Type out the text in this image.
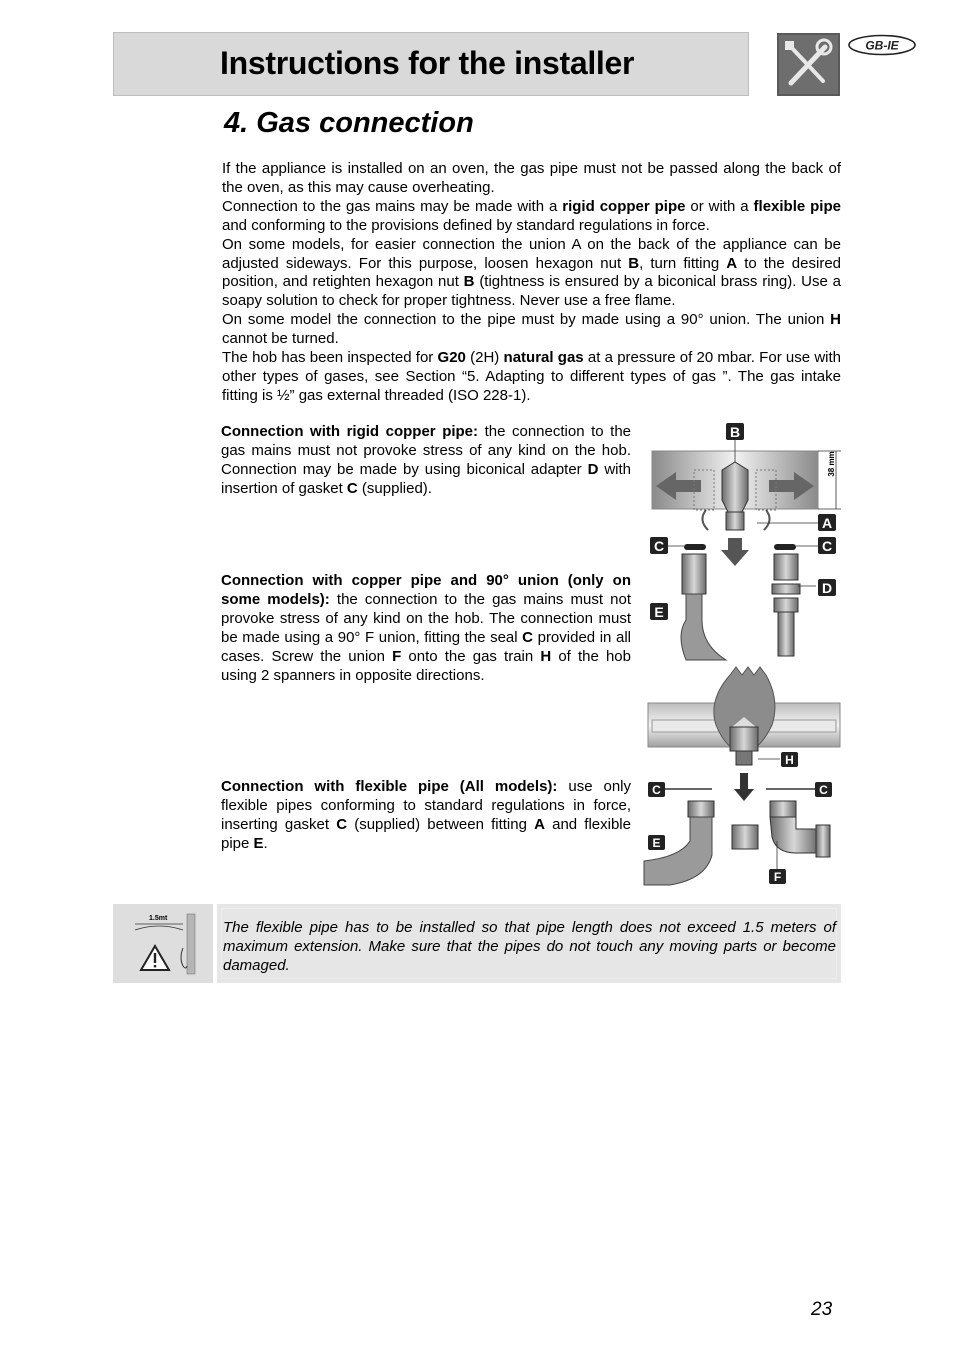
Instructions for the installer	GB-IE
4. Gas connection

If the appliance is installed on an oven, the gas pipe must not be passed along the back of the oven, as this may cause overheating.

Connection to the gas mains may be made with a rigid copper pipe or with a flexible pipe and conforming to the provisions defined by standard regulations in force.

On some models, for easier connection the union A on the back of the appliance can be adjusted sideways. For this purpose, loosen hexagon nut B, turn fitting A to the desired position, and retighten hexagon nut B (tightness is ensured by a biconical brass ring). Use a soapy solution to check for proper tightness. Never use a free flame.

On some model the connection to the pipe must by made using a 90° union. The union H cannot be turned.

The hob has been inspected for G20 (2H) natural gas at a pressure of 20 mbar. For use with other types of gases, see Section “5. Adapting to different types of gas ”. The gas intake fitting is ½” gas external threaded (ISO 228-1).

Connection with rigid copper pipe: the connection to the gas mains must not provoke stress of any kind on the hob. Connection may be made by using biconical adapter D with insertion of gasket C (supplied).

Connection with copper pipe and 90° union (only on some models): the connection to the gas mains must not provoke stress of any kind on the hob. The connection must be made using a 90° F union, fitting the seal C provided in all cases. Screw the union F onto the gas train H of the hob using 2 spanners in opposite directions.

Connection with flexible pipe (All models): use only flexible pipes conforming to standard regulations in force, inserting gasket C (supplied) between fitting A and flexible pipe E.

38 mm
B
A
C	C
D
E
H
C	C
E
F
1.5mt
The flexible pipe has to be installed so that pipe length does not exceed 1.5 meters of maximum extension. Make sure that the pipes do not touch any moving parts or become damaged.
23
